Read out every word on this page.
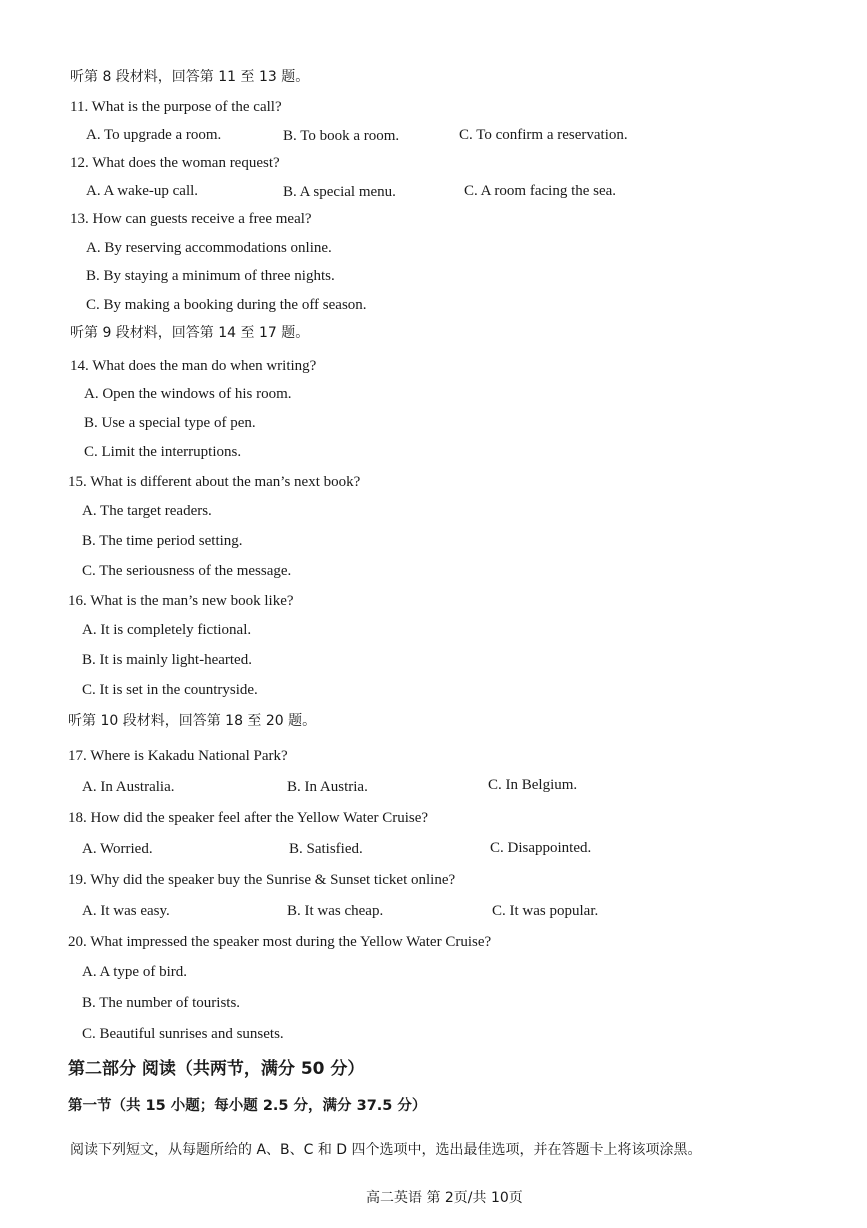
听第 8 段材料，回答第 11 至 13 题。
11. What is the purpose of the call?
A. To upgrade a room.	B. To book a room.	C. To confirm a reservation.
12. What does the woman request?
A. A wake-up call.	B. A special menu.	C. A room facing the sea.
13. How can guests receive a free meal?
A. By reserving accommodations online.
B. By staying a minimum of three nights.
C. By making a booking during the off season.
听第 9 段材料，回答第 14 至 17 题。
14. What does the man do when writing?
A. Open the windows of his room.
B. Use a special type of pen.
C. Limit the interruptions.
15. What is different about the man’s next book?
A. The target readers.
B. The time period setting.
C. The seriousness of the message.
16. What is the man’s new book like?
A. It is completely fictional.
B. It is mainly light-hearted.
C. It is set in the countryside.
听第 10 段材料，回答第 18 至 20 题。
17. Where is Kakadu National Park?
A. In Australia.	B. In Austria.	C. In Belgium.
18. How did the speaker feel after the Yellow Water Cruise?
A. Worried.	B. Satisfied.	C. Disappointed.
19. Why did the speaker buy the Sunrise & Sunset ticket online?
A. It was easy.	B. It was cheap.	C. It was popular.
20. What impressed the speaker most during the Yellow Water Cruise?
A. A type of bird.
B. The number of tourists.
C. Beautiful sunrises and sunsets.
第二部分 阅读（共两节，满分 50 分）
第一节（共 15 小题；每小题 2.5 分，满分 37.5 分）
阅读下列短文，从每题所给的 A、B、C 和 D 四个选项中，选出最佳选项，并在答题卡上将该项涂黑。
高二英语 第 2页/共 10页
